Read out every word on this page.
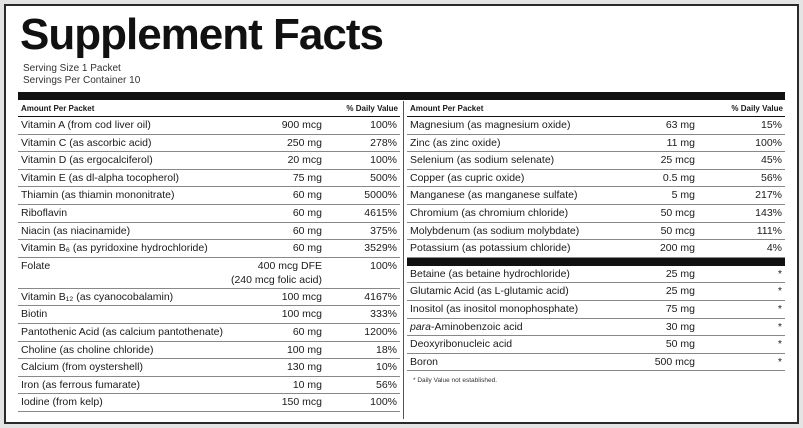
Supplement Facts
Serving Size 1 Packet
Servings Per Container 10
Amount Per Packet	% Daily Value
Vitamin A (from cod liver oil)	900 mcg	100%
Vitamin C (as ascorbic acid)	250 mg	278%
Vitamin D (as ergocalciferol)	20 mcg	100%
Vitamin E (as dl-alpha tocopherol)	75 mg	500%
Thiamin (as thiamin mononitrate)	60 mg	5000%
Riboflavin	60 mg	4615%
Niacin (as niacinamide)	60 mg	375%
Vitamin B₆ (as pyridoxine hydrochloride)	60 mg	3529%
Folate	400 mcg DFE	100%
(240 mcg folic acid)
Vitamin B₁₂ (as cyanocobalamin)	100 mcg	4167%
Biotin	100 mcg	333%
Pantothenic Acid (as calcium pantothenate)	60 mg	1200%
Choline (as choline chloride)	100 mg	18%
Calcium (from oystershell)	130 mg	10%
Iron (as ferrous fumarate)	10 mg	56%
Iodine (from kelp)	150 mcg	100%
Amount Per Packet	% Daily Value
Magnesium (as magnesium oxide)	63 mg	15%
Zinc (as zinc oxide)	11 mg	100%
Selenium (as sodium selenate)	25 mcg	45%
Copper (as cupric oxide)	0.5 mg	56%
Manganese (as manganese sulfate)	5 mg	217%
Chromium (as chromium chloride)	50 mcg	143%
Molybdenum (as sodium molybdate)	50 mcg	111%
Potassium (as potassium chloride)	200 mg	4%
Betaine (as betaine hydrochloride)	25 mg	*
Glutamic Acid (as L-glutamic acid)	25 mg	*
Inositol (as inositol monophosphate)	75 mg	*
para-Aminobenzoic acid	30 mg	*
Deoxyribonucleic acid	50 mg	*
Boron	500 mcg	*
* Daily Value not established.
